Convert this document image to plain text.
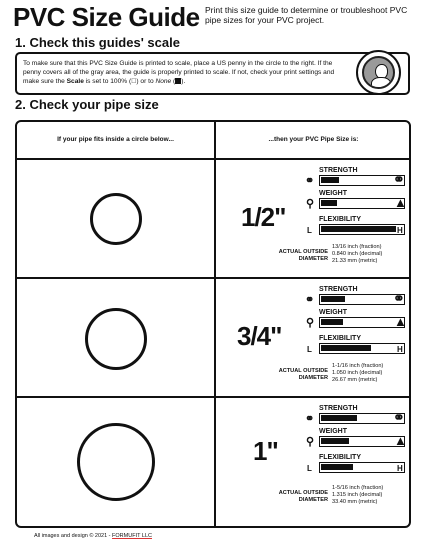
PVC Size Guide Print this size guide to determine or troubleshoot PVC pipe sizes for your PVC project.
1. Check this guides' scale
To make sure that this PVC Size Guide is printed to scale, place a US penny in the circle to the right. If the penny covers all of the gray area, the guide is properly printed to scale. If not, check your print settings and make sure the Scale is set to 100% ( ) or to None ( ).
2. Check your pipe size
If your pipe fits inside a circle below...	...then your PVC Pipe Size is:
1/2"
STRENGTH
⚭	⚭
WEIGHT
⚲	▲
FLEXIBILITY
L	H
ACTUAL OUTSIDE
DIAMETER
13/16 inch (fraction)
0.840 inch (decimal)
21.33 mm (metric)
3/4"
STRENGTH
⚭	⚭
WEIGHT
⚲	▲
FLEXIBILITY
L	H
ACTUAL OUTSIDE
DIAMETER
1-1/16 inch (fraction)
1.050 inch (decimal)
26.67 mm (metric)
1"
STRENGTH
⚭	⚭
WEIGHT
⚲	▲
FLEXIBILITY
L	H
ACTUAL OUTSIDE
DIAMETER
1-5/16 inch (fraction)
1.315 inch (decimal)
33.40 mm (metric)
All images and design © 2021 - FORMUFIT LLC
